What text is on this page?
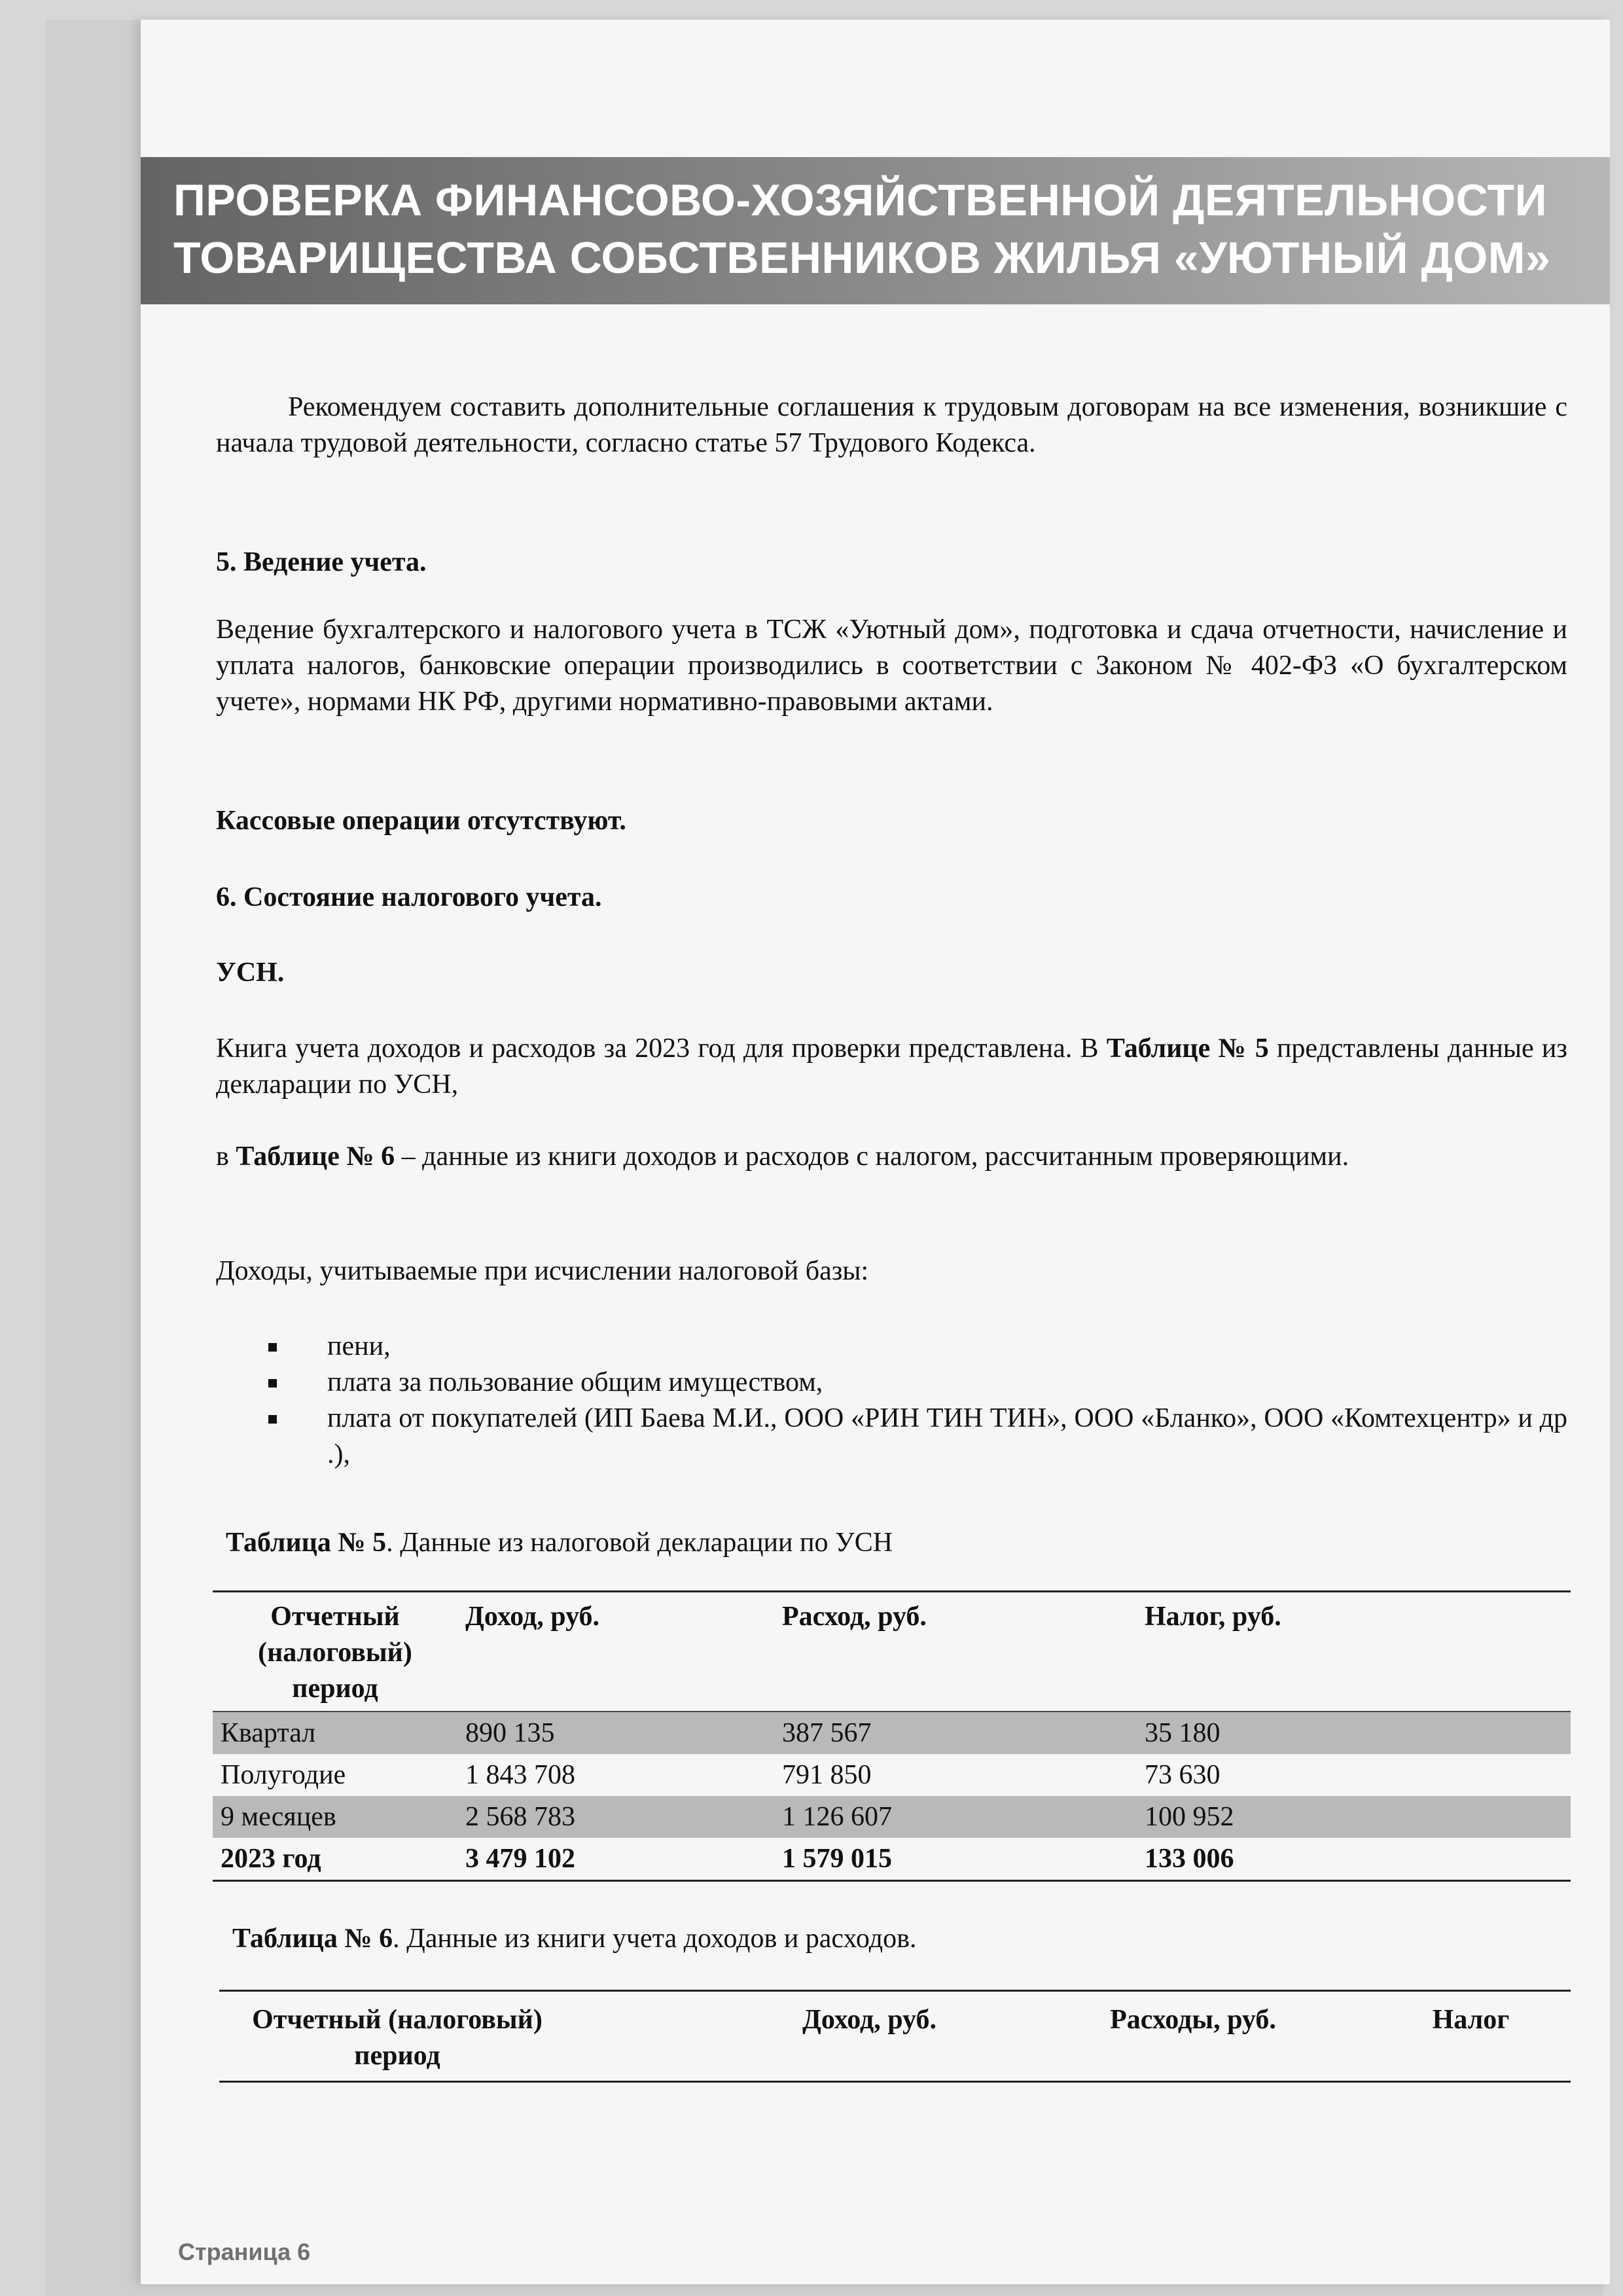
ПРОВЕРКА ФИНАНСОВО-ХОЗЯЙСТВЕННОЙ ДЕЯТЕЛЬНОСТИ
ТОВАРИЩЕСТВА СОБСТВЕННИКОВ ЖИЛЬЯ «УЮТНЫЙ ДОМ»
Рекомендуем составить дополнительные соглашения к трудовым договорам на все изменения, возникшие с начала трудовой деятельности, согласно статье 57 Трудового Кодекса.
5. Ведение учета.
Ведение бухгалтерского и налогового учета в ТСЖ «Уютный дом», подготовка и сдача отчетности, начисление и уплата налогов, банковские операции производились в соответствии с Законом № 402-ФЗ «О бухгалтерском учете», нормами НК РФ, другими нормативно-правовыми актами.
Кассовые операции отсутствуют.
6. Состояние налогового учета.
УСН.
Книга учета доходов и расходов за 2023 год для проверки представлена. В Таблице № 5 представлены данные из декларации по УСН,
в Таблице № 6 – данные из книги доходов и расходов с налогом, рассчитанным проверяющими.
Доходы, учитываемые при исчислении налоговой базы:
пени,
плата за пользование общим имуществом,
плата от покупателей (ИП Баева М.И., ООО «РИН ТИН ТИН», ООО «Бланко», ООО «Комтехцентр» и др .),
Таблица № 5. Данные из налоговой декларации по УСН
Отчетный (налоговый) период	Доход, руб.	Расход, руб.	Налог, руб.
Квартал	890 135	387 567	35 180
Полугодие	1 843 708	791 850	73 630
9 месяцев	2 568 783	1 126 607	100 952
2023 год	3 479 102	1 579 015	133 006
Таблица № 6. Данные из книги учета доходов и расходов.
Отчетный (налоговый) период	Доход, руб.	Расходы, руб.	Налог
Страница 6
